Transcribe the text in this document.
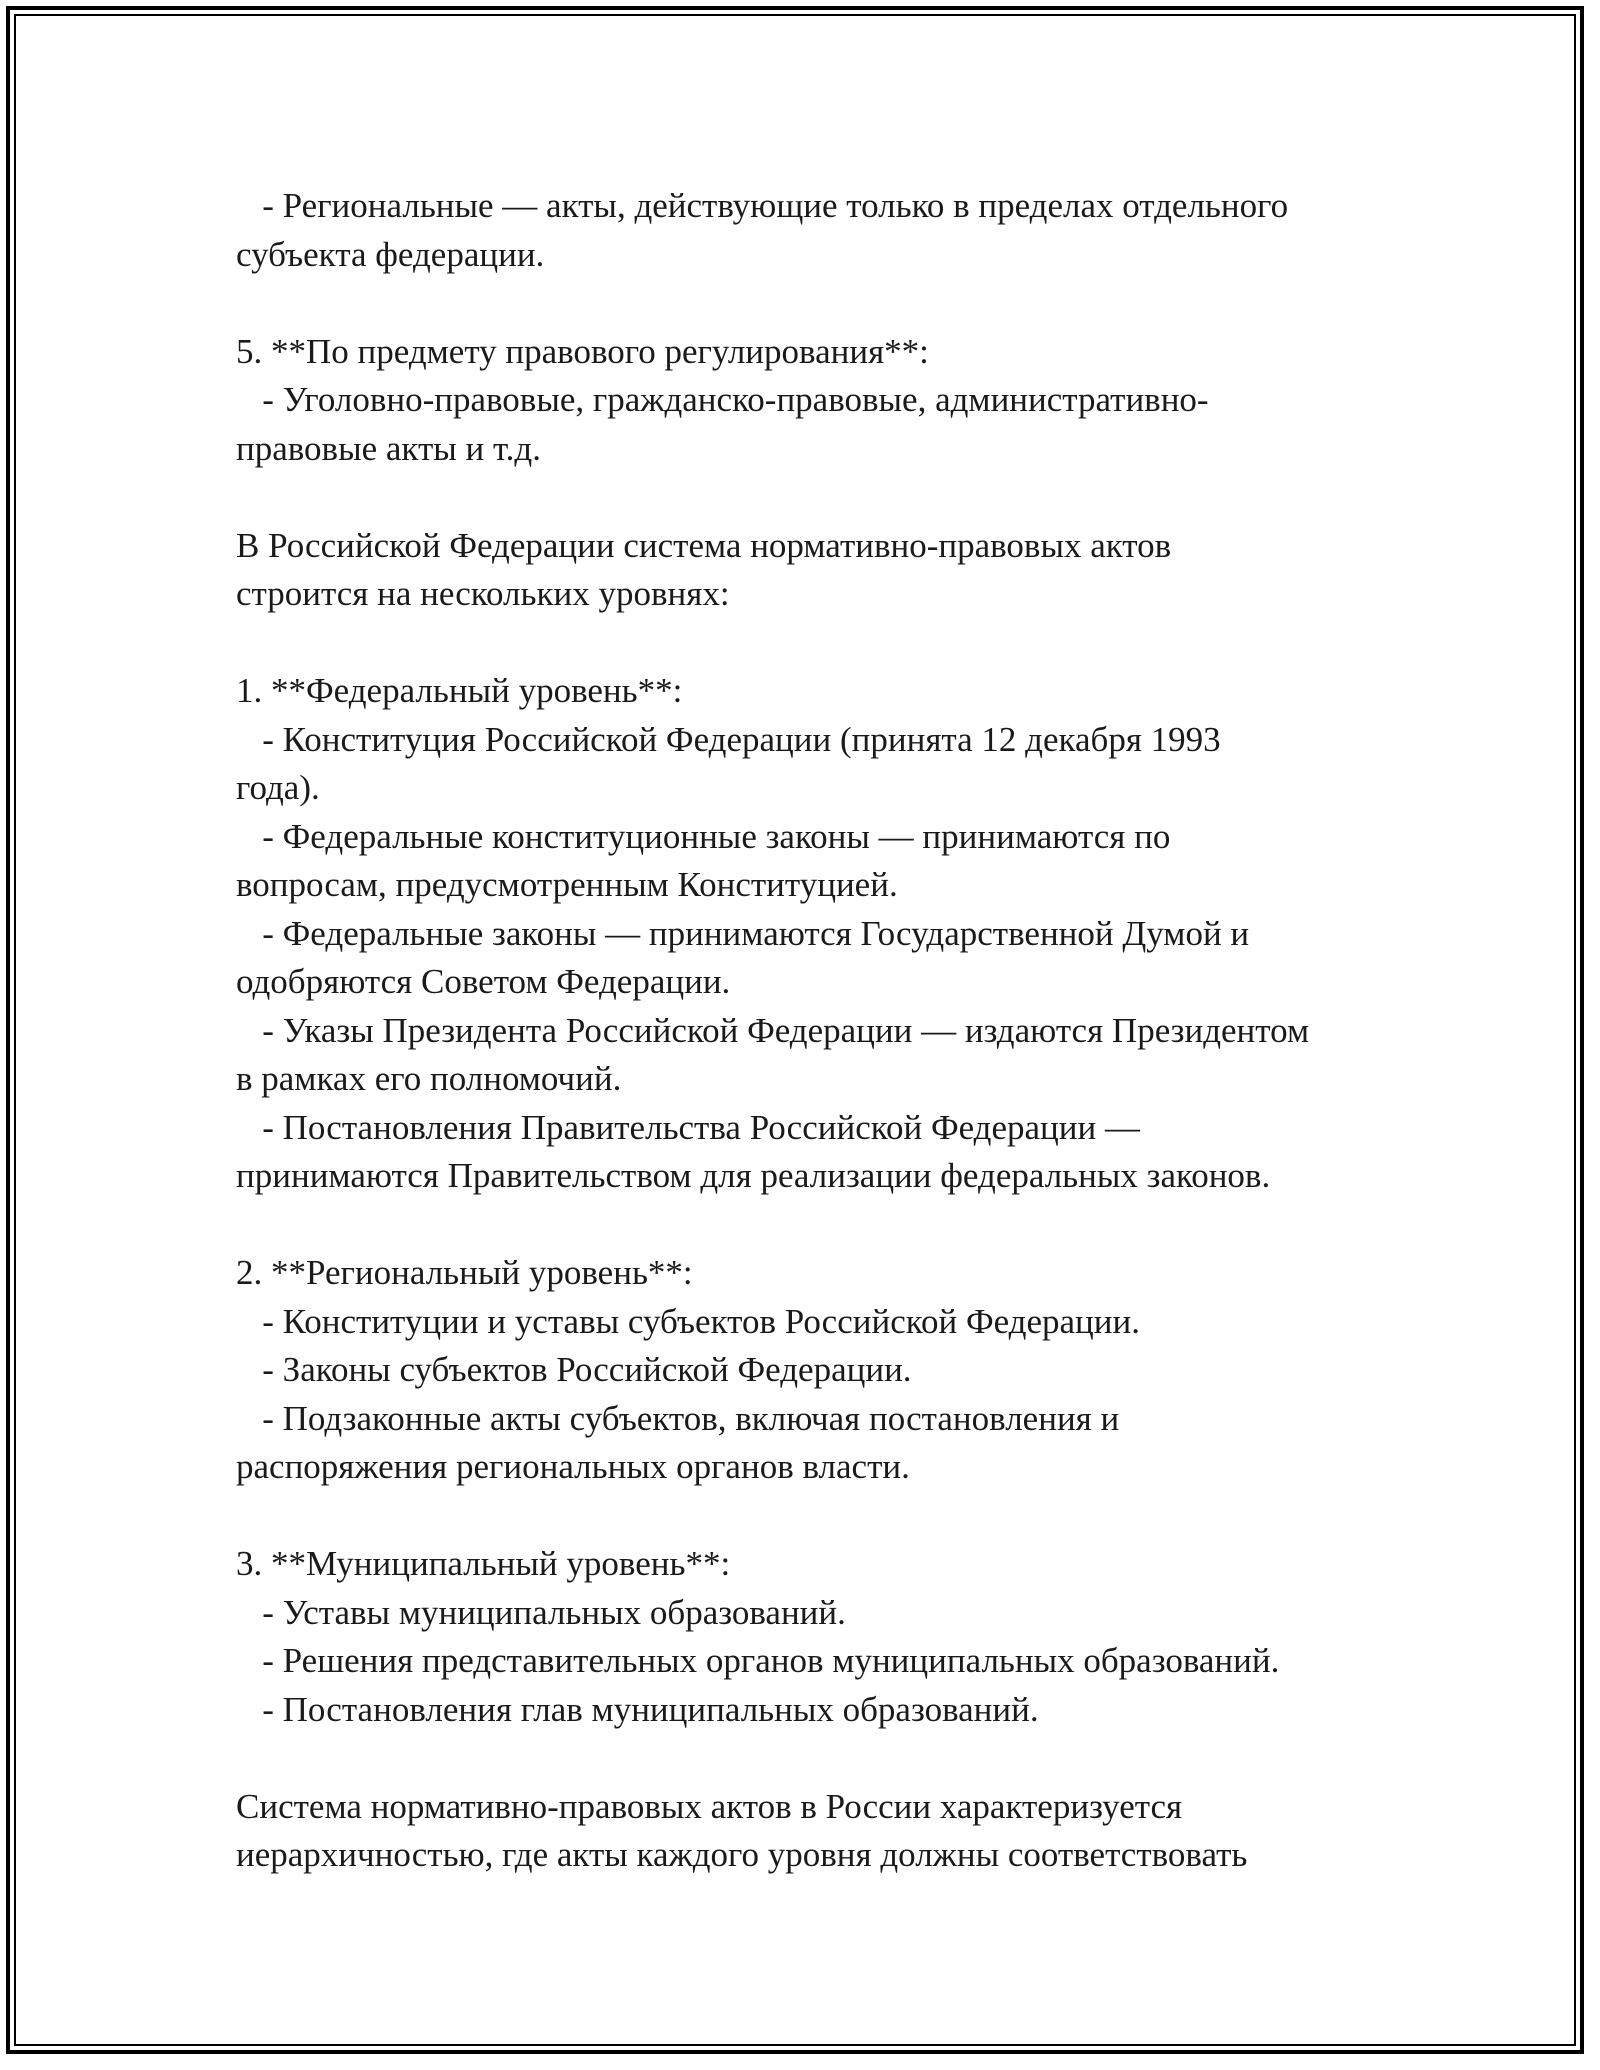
- Региональные — акты, действующие только в пределах отдельного
субъекта федерации.
5. **По предмету правового регулирования**:
- Уголовно-правовые, гражданско-правовые, административно-
правовые акты и т.д.
В Российской Федерации система нормативно-правовых актов
строится на нескольких уровнях:
1. **Федеральный уровень**:
- Конституция Российской Федерации (принята 12 декабря 1993
года).
- Федеральные конституционные законы — принимаются по
вопросам, предусмотренным Конституцией.
- Федеральные законы — принимаются Государственной Думой и
одобряются Советом Федерации.
- Указы Президента Российской Федерации — издаются Президентом
в рамках его полномочий.
- Постановления Правительства Российской Федерации —
принимаются Правительством для реализации федеральных законов.
2. **Региональный уровень**:
- Конституции и уставы субъектов Российской Федерации.
- Законы субъектов Российской Федерации.
- Подзаконные акты субъектов, включая постановления и
распоряжения региональных органов власти.
3. **Муниципальный уровень**:
- Уставы муниципальных образований.
- Решения представительных органов муниципальных образований.
- Постановления глав муниципальных образований.
Система нормативно-правовых актов в России характеризуется
иерархичностью, где акты каждого уровня должны соответствовать
